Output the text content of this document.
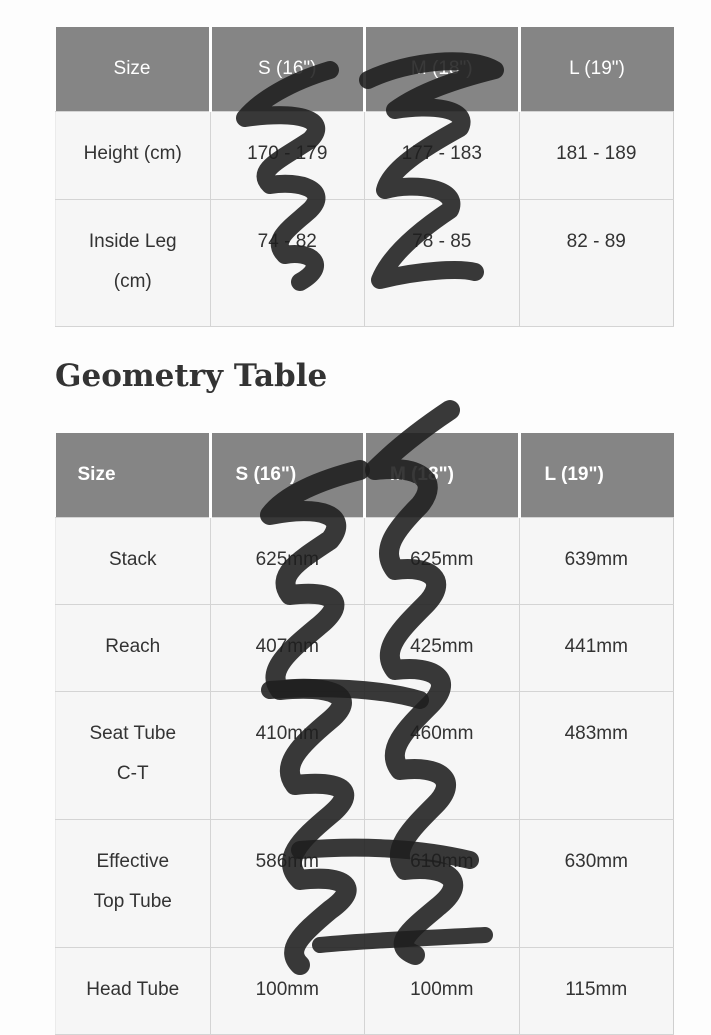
Size	S (16")	M (18")	L (19")
Height (cm)	170 - 179	177 - 183	181 - 189

Inside Leg (cm)	74 - 82	78 - 85	82 - 89
Geometry Table
Size	S (16")	M (18")	L (19")
Stack	625mm	625mm	639mm
Reach	407mm	425mm	441mm

Seat Tube C-T	410mm	460mm	483mm

Effective Top Tube	586mm	610mm	630mm
Head Tube	100mm	100mm	115mm
